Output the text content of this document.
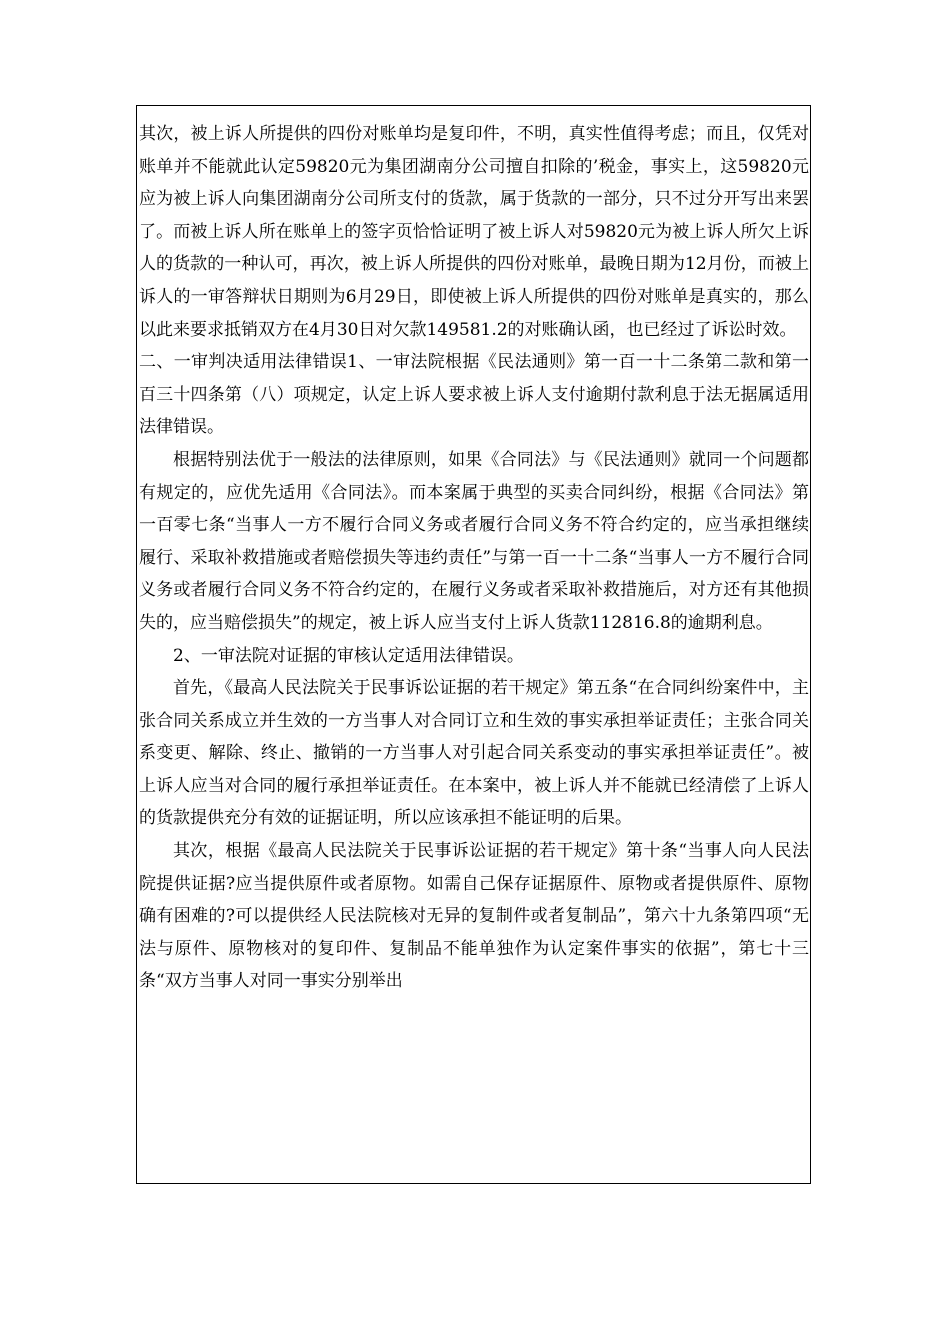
其次，被上诉人所提供的四份对账单均是复印件，不明，真实性值得考虑；而且，仅凭对账单并不能就此认定59820元为集团湖南分公司擅自扣除的’税金，事实上，这59820元应为被上诉人向集团湖南分公司所支付的货款，属于货款的一部分，只不过分开写出来罢了。而被上诉人所在账单上的签字页恰恰证明了被上诉人对59820元为被上诉人所欠上诉人的货款的一种认可，再次，被上诉人所提供的四份对账单，最晚日期为12月份，而被上诉人的一审答辩状日期则为6月29日，即使被上诉人所提供的四份对账单是真实的，那么以此来要求抵销双方在4月30日对欠款149581.2的对账确认函，也已经过了诉讼时效。

二、一审判决适用法律错误1、一审法院根据《民法通则》第一百一十二条第二款和第一百三十四条第（八）项规定，认定上诉人要求被上诉人支付逾期付款利息于法无据属适用法律错误。

根据特别法优于一般法的法律原则，如果《合同法》与《民法通则》就同一个问题都有规定的，应优先适用《合同法》。而本案属于典型的买卖合同纠纷，根据《合同法》第一百零七条“当事人一方不履行合同义务或者履行合同义务不符合约定的，应当承担继续履行、采取补救措施或者赔偿损失等违约责任”与第一百一十二条“当事人一方不履行合同义务或者履行合同义务不符合约定的，在履行义务或者采取补救措施后，对方还有其他损失的，应当赔偿损失”的规定，被上诉人应当支付上诉人货款112816.8的逾期利息。

2、一审法院对证据的审核认定适用法律错误。

首先，《最高人民法院关于民事诉讼证据的若干规定》第五条“在合同纠纷案件中，主张合同关系成立并生效的一方当事人对合同订立和生效的事实承担举证责任；主张合同关系变更、解除、终止、撤销的一方当事人对引起合同关系变动的事实承担举证责任”。被上诉人应当对合同的履行承担举证责任。在本案中，被上诉人并不能就已经清偿了上诉人的货款提供充分有效的证据证明，所以应该承担不能证明的后果。

其次，根据《最高人民法院关于民事诉讼证据的若干规定》第十条“当事人向人民法院提供证据?应当提供原件或者原物。如需自己保存证据原件、原物或者提供原件、原物确有困难的?可以提供经人民法院核对无异的复制件或者复制品”，第六十九条第四项“无法与原件、原物核对的复印件、复制品不能单独作为认定案件事实的依据”，第七十三条“双方当事人对同一事实分别举出
